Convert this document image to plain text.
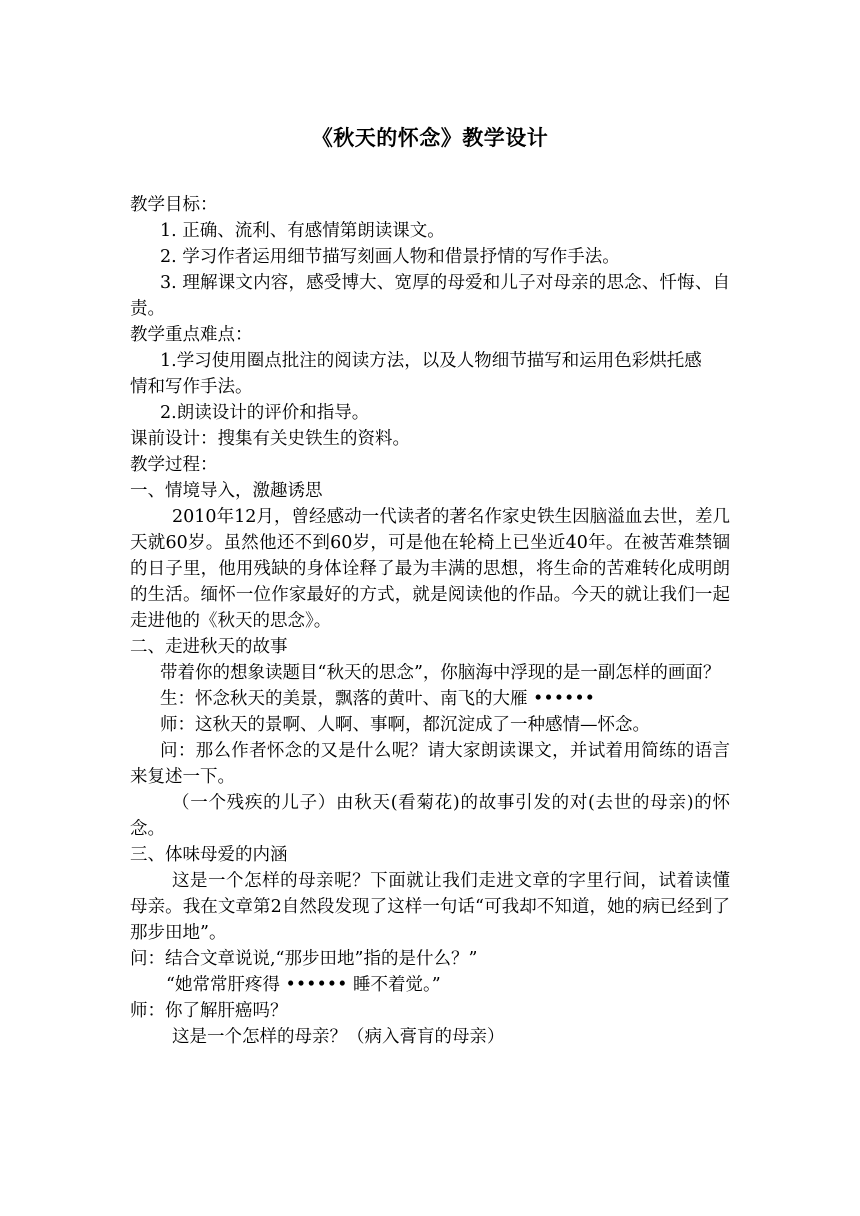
《秋天的怀念》教学设计

教学目标：

1. 正确、流利、有感情第朗读课文。

2. 学习作者运用细节描写刻画人物和借景抒情的写作手法。

3. 理解课文内容，感受博大、宽厚的母爱和儿子对母亲的思念、忏悔、自责。

教学重点难点：

1.学习使用圈点批注的阅读方法，以及人物细节描写和运用色彩烘托感

情和写作手法。

2.朗读设计的评价和指导。

课前设计：搜集有关史铁生的资料。

教学过程：

一、情境导入，激趣诱思

2010年12月，曾经感动一代读者的著名作家史铁生因脑溢血去世，差几天就60岁。虽然他还不到60岁，可是他在轮椅上已坐近40年。在被苦难禁锢的日子里，他用残缺的身体诠释了最为丰满的思想，将生命的苦难转化成明朗的生活。缅怀一位作家最好的方式，就是阅读他的作品。今天的就让我们一起走进他的《秋天的思念》。

二、走进秋天的故事

带着你的想象读题目“秋天的思念”，你脑海中浮现的是一副怎样的画面？

生：怀念秋天的美景，飘落的黄叶、南飞的大雁 ••••••

师：这秋天的景啊、人啊、事啊，都沉淀成了一种感情—怀念。

问：那么作者怀念的又是什么呢？请大家朗读课文，并试着用简练的语言来复述一下。

（一个残疾的儿子）由秋天(看菊花)的故事引发的对(去世的母亲)的怀念。

三、体味母爱的内涵

这是一个怎样的母亲呢？下面就让我们走进文章的字里行间，试着读懂母亲。我在文章第2自然段发现了这样一句话“可我却不知道，她的病已经到了那步田地”。

问：结合文章说说,“那步田地”指的是什么？”

“她常常肝疼得 •••••• 睡不着觉。”

师：你了解肝癌吗？

这是一个怎样的母亲？（病入膏肓的母亲）
